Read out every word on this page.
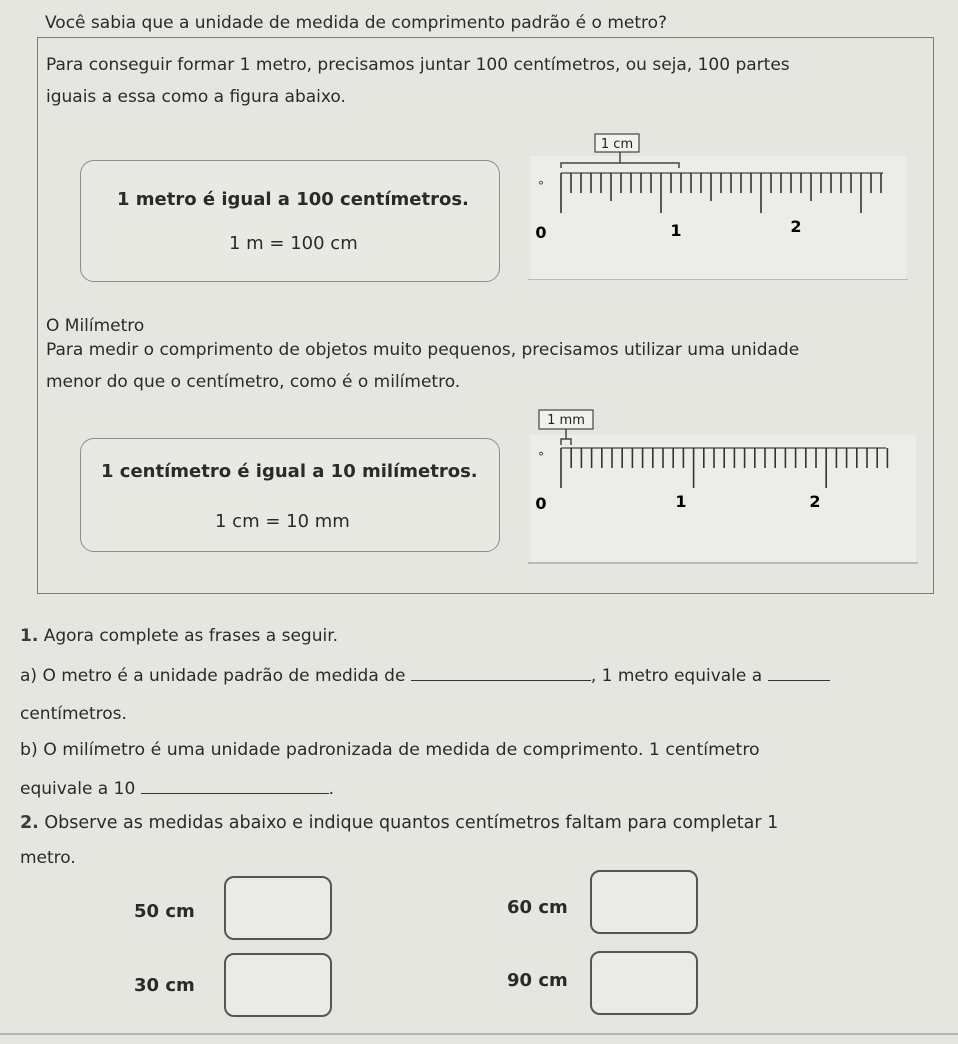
Você sabia que a unidade de medida de comprimento padrão é o metro?
Para conseguir formar 1 metro, precisamos juntar 100 centímetros, ou seja, 100 partes
iguais a essa como a figura abaixo.
1 metro é igual a 100 centímetros.
1 m = 100 cm
1 cm
°
0	1	2
O Milímetro
Para medir o comprimento de objetos muito pequenos, precisamos utilizar uma unidade
menor do que o centímetro, como é o milímetro.
1 centímetro é igual a 10 milímetros.
1 cm = 10 mm
1 mm
°
0	1	2
1. Agora complete as frases a seguir.
a) O metro é a unidade padrão de medida de	, 1 metro equivale a
centímetros.
b) O milímetro é uma unidade padronizada de medida de comprimento. 1 centímetro
equivale a 10	.
2. Observe as medidas abaixo e indique quantos centímetros faltam para completar 1
metro.
50 cm	60 cm
30 cm	90 cm
